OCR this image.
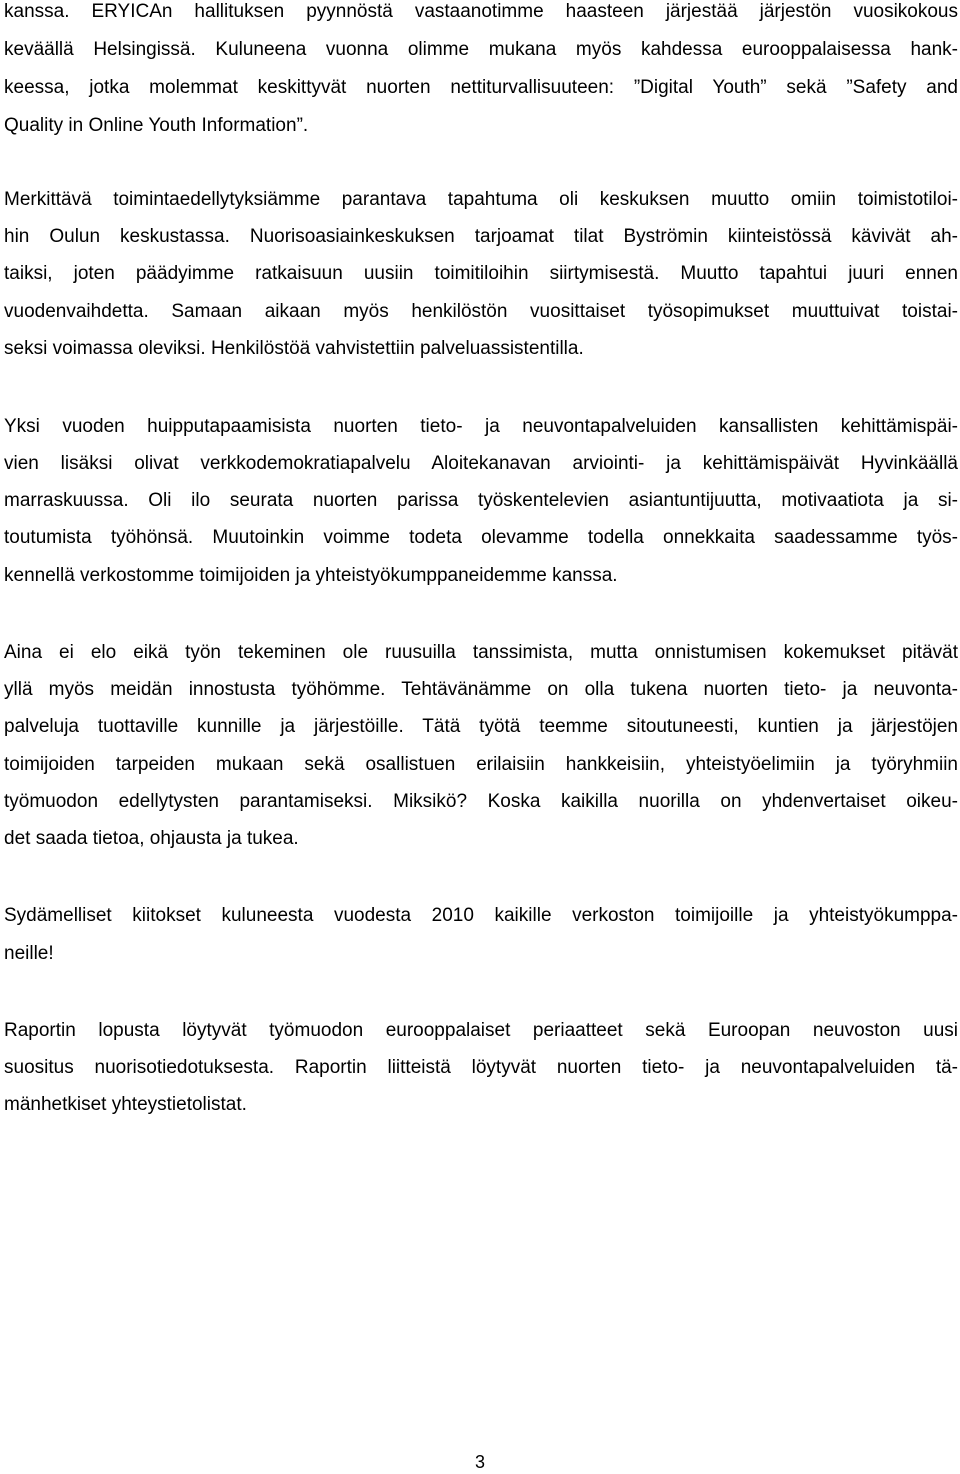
kanssa. ERYICAn hallituksen pyynnöstä vastaanotimme haasteen järjestää järjestön vuosikokous
keväällä Helsingissä. Kuluneena vuonna olimme mukana myös kahdessa eurooppalaisessa hank-
keessa, jotka molemmat keskittyvät nuorten nettiturvallisuuteen: ”Digital Youth” sekä ”Safety and
Quality in Online Youth Information”.
Merkittävä toimintaedellytyksiämme parantava tapahtuma oli keskuksen muutto omiin toimistotiloi-
hin Oulun keskustassa. Nuorisoasiainkeskuksen tarjoamat tilat Byströmin kiinteistössä kävivät ah-
taiksi, joten päädyimme ratkaisuun uusiin toimitiloihin siirtymisestä. Muutto tapahtui juuri ennen
vuodenvaihdetta. Samaan aikaan myös henkilöstön vuosittaiset työsopimukset muuttuivat toistai-
seksi voimassa oleviksi. Henkilöstöä vahvistettiin palveluassistentilla.
Yksi vuoden huipputapaamisista nuorten tieto- ja neuvontapalveluiden kansallisten kehittämispäi-
vien lisäksi olivat verkkodemokratiapalvelu Aloitekanavan arviointi- ja kehittämispäivät Hyvinkäällä
marraskuussa. Oli ilo seurata nuorten parissa työskentelevien asiantuntijuutta, motivaatiota ja si-
toutumista työhönsä. Muutoinkin voimme todeta olevamme todella onnekkaita saadessamme työs-
kennellä verkostomme toimijoiden ja yhteistyökumppaneidemme kanssa.
Aina ei elo eikä työn tekeminen ole ruusuilla tanssimista, mutta onnistumisen kokemukset pitävät
yllä myös meidän innostusta työhömme. Tehtävänämme on olla tukena nuorten tieto- ja neuvonta-
palveluja tuottaville kunnille ja järjestöille. Tätä työtä teemme sitoutuneesti, kuntien ja järjestöjen
toimijoiden tarpeiden mukaan sekä osallistuen erilaisiin hankkeisiin, yhteistyöelimiin ja työryhmiin
työmuodon edellytysten parantamiseksi. Miksikö? Koska kaikilla nuorilla on yhdenvertaiset oikeu-
det saada tietoa, ohjausta ja tukea.
Sydämelliset kiitokset kuluneesta vuodesta 2010 kaikille verkoston toimijoille ja yhteistyökumppa-
neille!
Raportin lopusta löytyvät työmuodon eurooppalaiset periaatteet sekä Euroopan neuvoston uusi
suositus nuorisotiedotuksesta. Raportin liitteistä löytyvät nuorten tieto- ja neuvontapalveluiden tä-
mänhetkiset yhteystietolistat.
3
